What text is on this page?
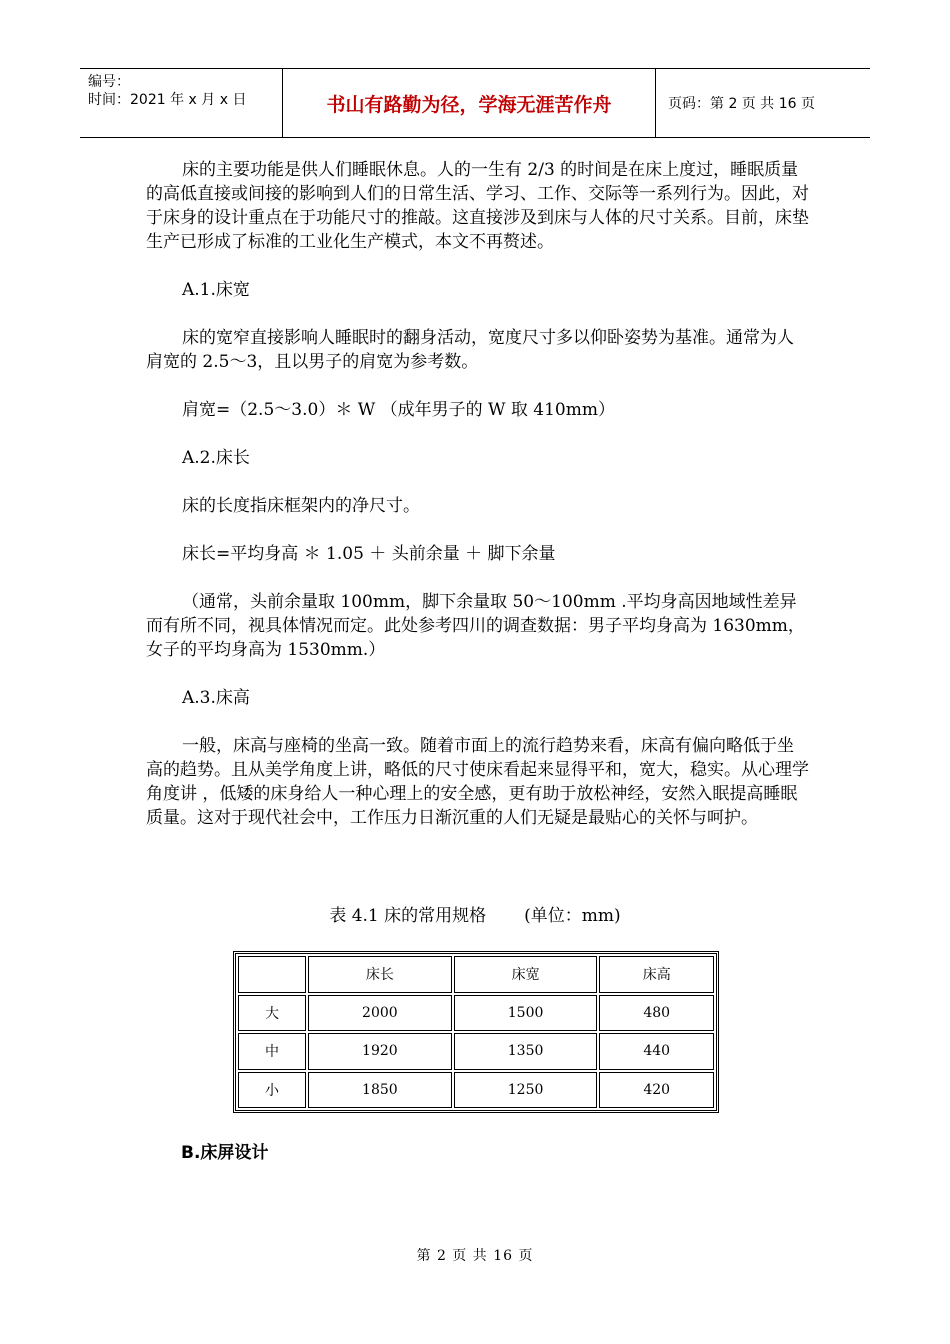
编号：
时间：2021 年 x 月 x 日	书山有路勤为径，学海无涯苦作舟	页码：第 2 页 共 16 页

床的主要功能是供人们睡眠休息。人的一生有 2/3 的时间是在床上度过，睡眠质量的高低直接或间接的影响到人们的日常生活、学习、工作、交际等一系列行为。因此，对于床身的设计重点在于功能尺寸的推敲。这直接涉及到床与人体的尺寸关系。目前，床垫生产已形成了标准的工业化生产模式，本文不再赘述。

A.1.床宽

床的宽窄直接影响人睡眠时的翻身活动，宽度尺寸多以仰卧姿势为基准。通常为人肩宽的 2.5～3，且以男子的肩宽为参考数。

肩宽=（2.5～3.0）＊ W （成年男子的 W 取 410mm）

A.2.床长

床的长度指床框架内的净尺寸。

床长=平均身高 ＊ 1.05 ＋ 头前余量 ＋ 脚下余量

（通常，头前余量取 100mm，脚下余量取 50～100mm .平均身高因地域性差异而有所不同，视具体情况而定。此处参考四川的调查数据：男子平均身高为 1630mm，女子的平均身高为 1530mm.）

A.3.床高

一般，床高与座椅的坐高一致。随着市面上的流行趋势来看，床高有偏向略低于坐高的趋势。且从美学角度上讲，略低的尺寸使床看起来显得平和，宽大，稳实。从心理学角度讲 ，低矮的床身给人一种心理上的安全感，更有助于放松神经，安然入眠提高睡眠质量。这对于现代社会中，工作压力日渐沉重的人们无疑是最贴心的关怀与呵护。

表 4.1 床的常用规格 (单位：mm)
	床长	床宽	床高
大	2000	1500	480
中	1920	1350	440
小	1850	1250	420
B.床屏设计
第 2 页 共 16 页
